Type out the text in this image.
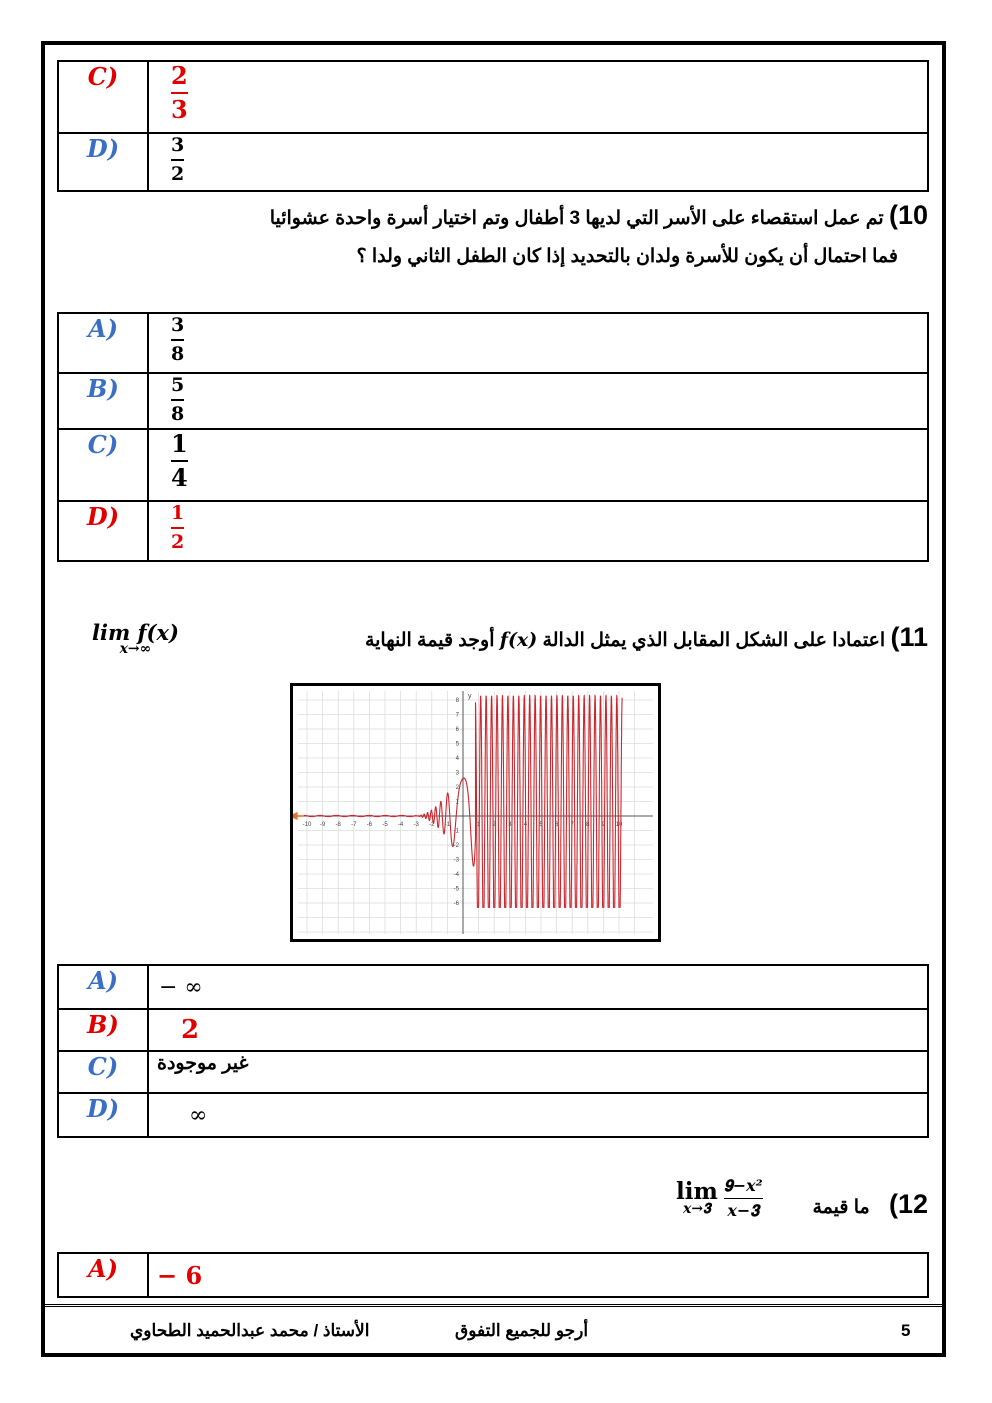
C)	$\frac{2}{3}$

D)	$\frac{3}{2}$
10) تم عمل استقصاء على الأسر التي لديها 3 أطفال وتم اختيار أسرة واحدة عشوائيا
فما احتمال أن يكون للأسرة ولدان بالتحديد إذا كان الطفل الثاني ولدا ؟
A)	$\frac{3}{8}$

B)	$\frac{5}{8}$

C)	$\frac{1}{4}$

D)	$\frac{1}{2}$
11) اعتمادا على الشكل المقابل الذي يمثل الدالة 𝒇(𝒙) أوجد قيمة النهاية
𝒍𝒊𝒎 𝒇(𝒙)
𝒙→∞
-10 -9 -8 -7 -6 -5 -4 -3 -2 -1	1 2 3 4 5 6 7 8 9 10
8
7
6
5
4
3
2
1
-1
-2
-3
-4
-5
-6
y
A)	− ∞
B)	2
C)	غير موجودة
D)	∞
12) ما قيمة
lim
𝒙→𝟑 $\frac{\text{𝟗−𝒙²}}{\text{𝒙−𝟑}}$
A)	− 6
الأستاذ / محمد عبدالحميد الطحاوي	أرجو للجميع التفوق	5
